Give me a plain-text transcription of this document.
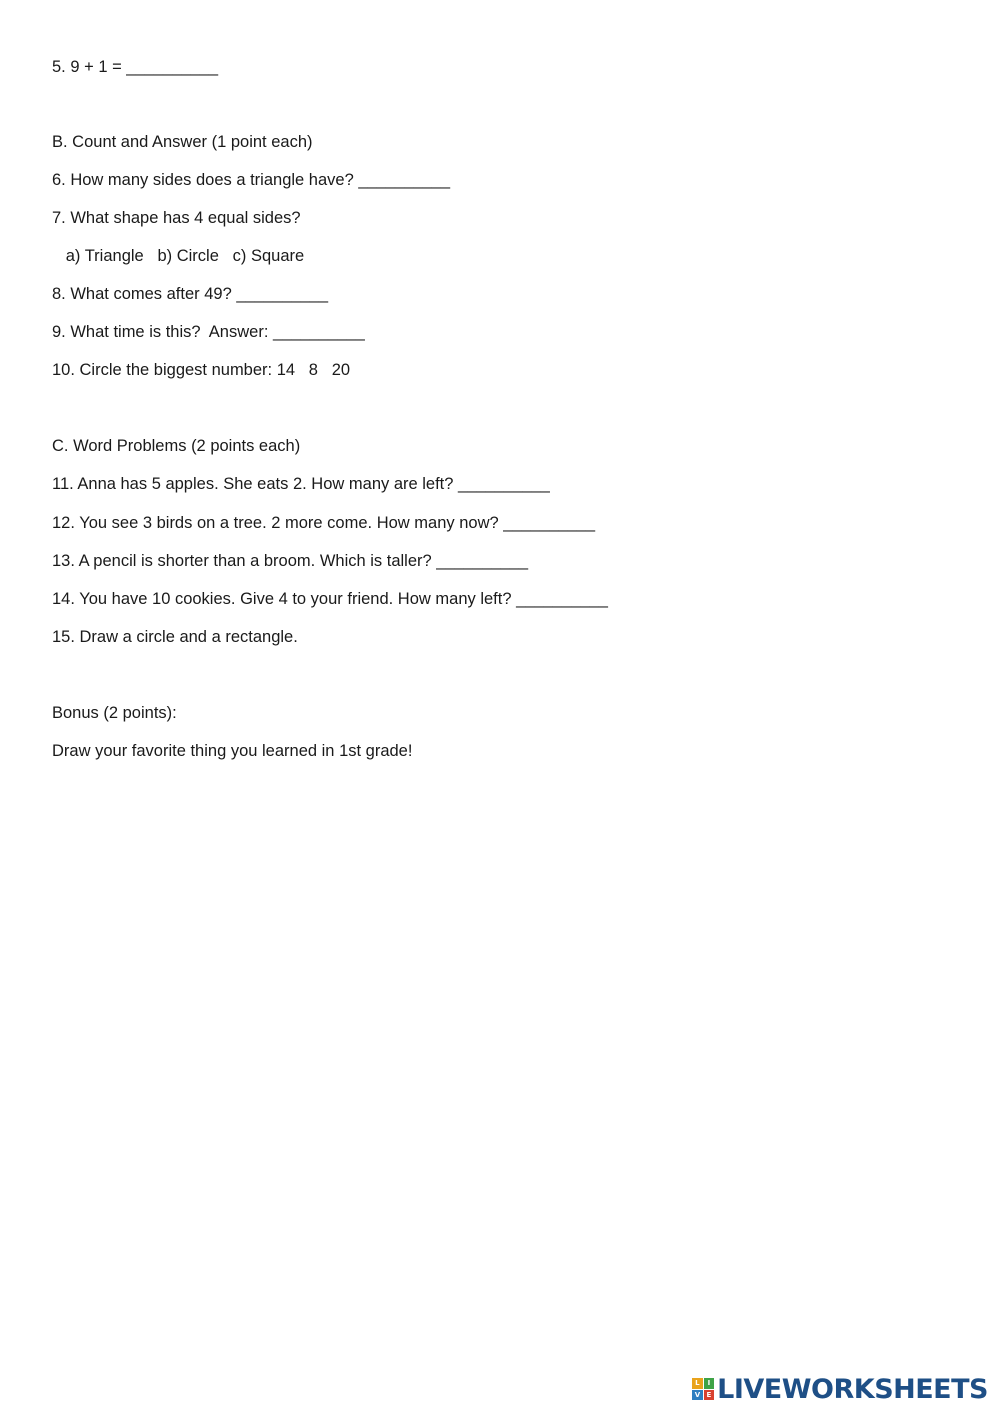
5. 9 + 1 = __________

B. Count and Answer (1 point each)

6. How many sides does a triangle have? __________

7. What shape has 4 equal sides?

a) Triangle   b) Circle   c) Square

8. What comes after 49? __________

9. What time is this?  Answer: __________

10. Circle the biggest number: 14   8   20

C. Word Problems (2 points each)

11. Anna has 5 apples. She eats 2. How many are left? __________

12. You see 3 birds on a tree. 2 more come. How many now? __________

13. A pencil is shorter than a broom. Which is taller? __________

14. You have 10 cookies. Give 4 to your friend. How many left? __________

15. Draw a circle and a rectangle.

Bonus (2 points):

Draw your favorite thing you learned in 1st grade!

L	I
V E LIVEWORKSHEETS
